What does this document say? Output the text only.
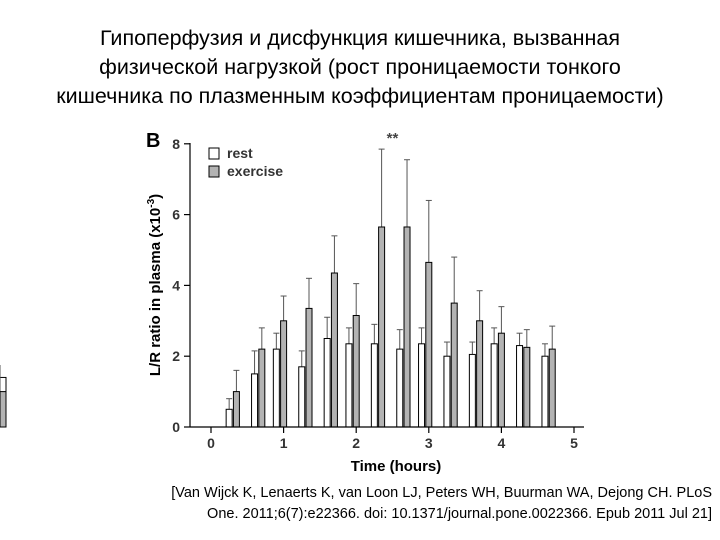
Гипоперфузия и дисфункция кишечника, вызванная
физической нагрузкой (рост проницаемости тонкого
кишечника по плазменным коэффициентам проницаемости)
0
2
4
6
8
0	1	2	3	4	5
B	**
Time (hours)
L/R ratio in plasma $(x10^{-3})$
rest
exercise
[Van Wijck K, Lenaerts K, van Loon LJ, Peters WH, Buurman WA, Dejong CH. PLoS
One. 2011;6(7):e22366. doi: 10.1371/journal.pone.0022366. Epub 2011 Jul 21]
